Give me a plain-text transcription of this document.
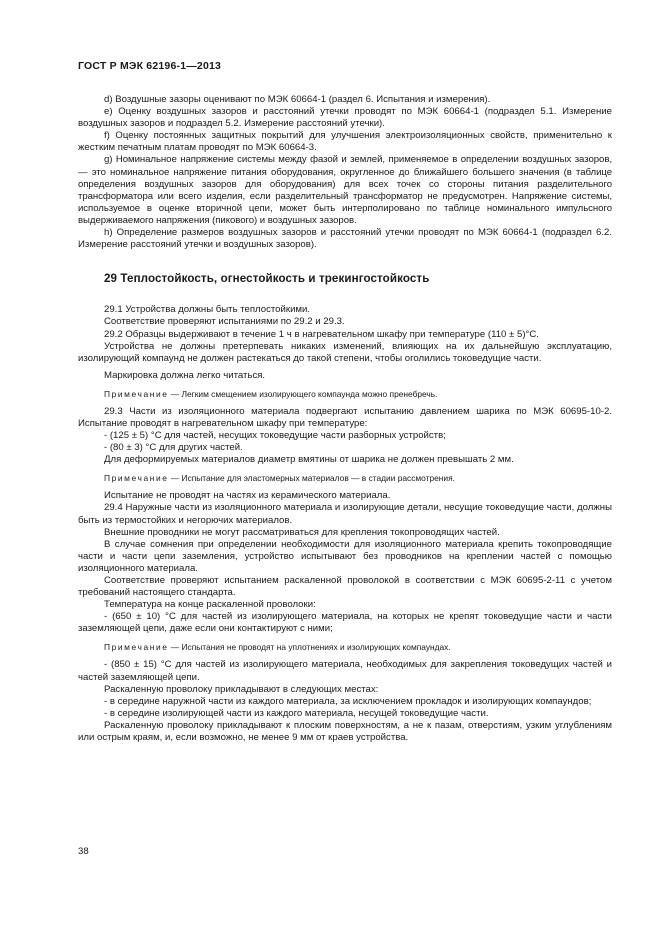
ГОСТ Р МЭК 62196-1—2013

d) Воздушные зазоры оценивают по МЭК 60664-1 (раздел 6. Испытания и измерения).

е) Оценку воздушных зазоров и расстояний утечки проводят по МЭК 60664-1 (подраздел 5.1. Измерение воздушных зазоров и подраздел 5.2. Измерение расстояний утечки).

f) Оценку постоянных защитных покрытий для улучшения электроизоляционных свойств, применительно к жестким печатным платам проводят по МЭК 60664-3.

g) Номинальное напряжение системы между фазой и землей, применяемое в определении воздушных зазоров, — это номинальное напряжение питания оборудования, округленное до ближайшего большего значения (в таблице определения воздушных зазоров для оборудования) для всех точек со стороны питания разделительного трансформатора или всего изделия, если разделительный трансформатор не предусмотрен. Напряжение системы, используемое в оценке вторичной цепи, может быть интерполировано по таблице номинального импульсного выдерживаемого напряжения (пикового) и воздушных зазоров.

h) Определение размеров воздушных зазоров и расстояний утечки проводят по МЭК 60664-1 (подраздел 6.2. Измерение расстояний утечки и воздушных зазоров).

29 Теплостойкость, огнестойкость и трекингостойкость

29.1 Устройства должны быть теплостойкими.

Соответствие проверяют испытаниями по 29.2 и 29.3.

29.2 Образцы выдерживают в течение 1 ч в нагревательном шкафу при температуре (110 ± 5)°С.

Устройства не должны претерпевать никаких изменений, влияющих на их дальнейшую эксплуатацию, изолирующий компаунд не должен растекаться до такой степени, чтобы оголились токоведущие части.

Маркировка должна легко читаться.

Примечание — Легким смещением изолирующего компаунда можно пренебречь.

29.3 Части из изоляционного материала подвергают испытанию давлением шарика по МЭК 60695-10-2. Испытание проводят в нагревательном шкафу при температуре:

- (125 ± 5) °С для частей, несущих токоведущие части разборных устройств;

- (80 ± 3) °С для других частей.

Для деформируемых материалов диаметр вмятины от шарика не должен превышать 2 мм.

Примечание — Испытание для эластомерных материалов — в стадии рассмотрения.

Испытание не проводят на частях из керамического материала.

29.4 Наружные части из изоляционного материала и изолирующие детали, несущие токоведущие части, должны быть из термостойких и негорючих материалов.

Внешние проводники не могут рассматриваться для крепления токопроводящих частей.

В случае сомнения при определении необходимости для изоляционного материала крепить токопроводящие части и части цепи заземления, устройство испытывают без проводников на креплении частей с помощью изоляционного материала.

Соответствие проверяют испытанием раскаленной проволокой в соответствии с МЭК 60695-2-11 с учетом требований настоящего стандарта.

Температура на конце раскаленной проволоки:

- (650 ± 10) °С для частей из изолирующего материала, на которых не крепят токоведущие части и части заземляющей цепи, даже если они контактируют с ними;

Примечание — Испытания не проводят на уплотнениях и изолирующих компаундах.

- (850 ± 15) °С для частей из изолирующего материала, необходимых для закрепления токоведущих частей и частей заземляющей цепи.

Раскаленную проволоку прикладывают в следующих местах:

- в середине наружной части из каждого материала, за исключением прокладок и изолирующих компаундов;

- в середине изолирующей части из каждого материала, несущей токоведущие части.

Раскаленную проволоку прикладывают к плоским поверхностям, а не к пазам, отверстиям, узким углублениям или острым краям, и, если возможно, не менее 9 мм от краев устройства.

38
